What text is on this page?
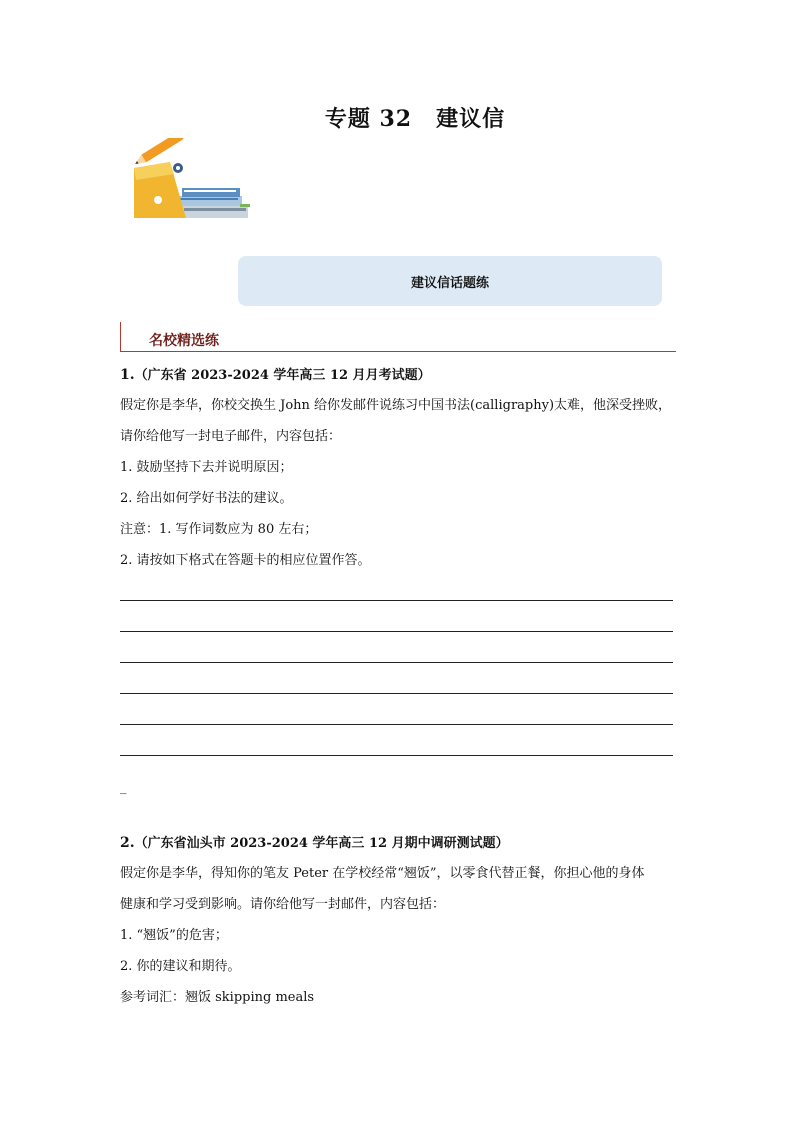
专题 32 建议信
建议信话题练
名校精选练
1.（广东省 2023-2024 学年高三 12 月月考试题）
假定你是李华，你校交换生 John 给你发邮件说练习中国书法(calligraphy)太难，他深受挫败，
请你给他写一封电子邮件，内容包括：
1. 鼓励坚持下去并说明原因；
2. 给出如何学好书法的建议。
注意：1. 写作词数应为 80 左右；
2. 请按如下格式在答题卡的相应位置作答。
_
2.（广东省汕头市 2023-2024 学年高三 12 月期中调研测试题）
假定你是李华，得知你的笔友 Peter 在学校经常“翘饭”，以零食代替正餐，你担心他的身体
健康和学习受到影响。请你给他写一封邮件，内容包括：
1. “翘饭”的危害；
2. 你的建议和期待。
参考词汇：翘饭 skipping meals
